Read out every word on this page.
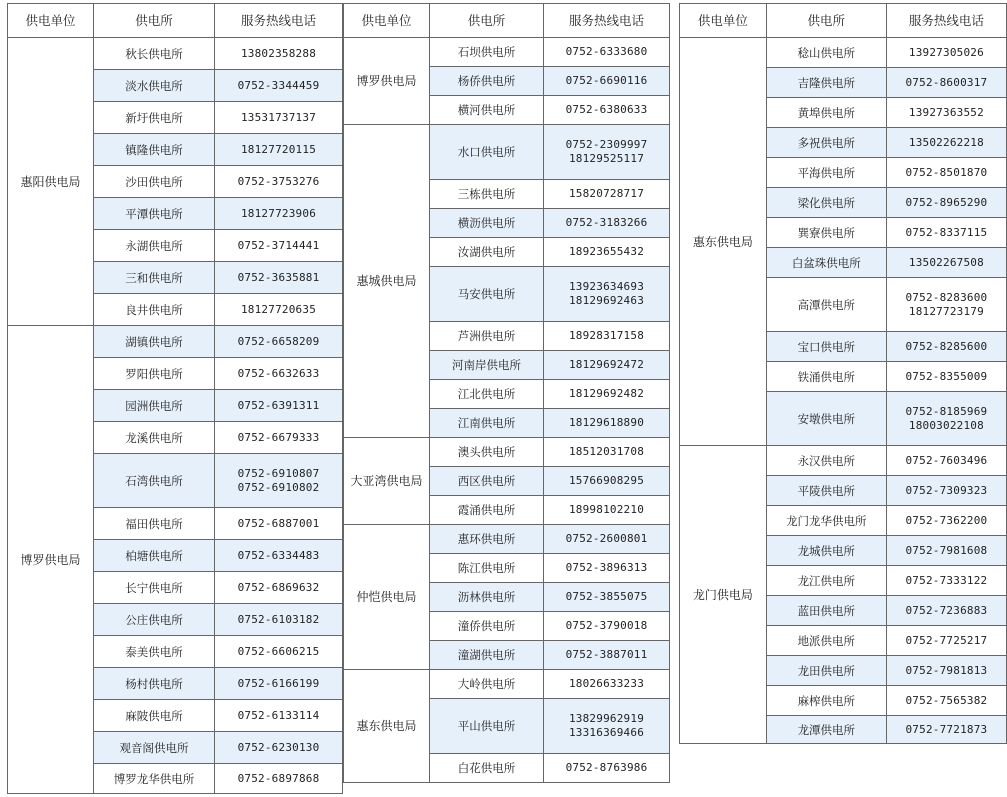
供电单位	供电所	服务热线电话
惠阳供电局	秋长供电所	13802358288

	淡水供电所	0752-3344459

	新圩供电所	13531737137

	镇隆供电所	18127720115

	沙田供电所	0752-3753276

	平潭供电所	18127723906

	永湖供电所	0752-3714441

	三和供电所	0752-3635881

	良井供电所	18127720635

博罗供电局	湖镇供电所	0752-6658209

	罗阳供电所	0752-6632633

	园洲供电所	0752-6391311

	龙溪供电所	0752-6679333

	石湾供电所	0752-6910807
0752-6910802

	福田供电所	0752-6887001

	柏塘供电所	0752-6334483

	长宁供电所	0752-6869632

	公庄供电所	0752-6103182

	泰美供电所	0752-6606215

	杨村供电所	0752-6166199

	麻陂供电所	0752-6133114

	观音阁供电所	0752-6230130

	博罗龙华供电所	0752-6897868
供电单位	供电所	服务热线电话
博罗供电局	石坝供电所	0752-6333680

	杨侨供电所	0752-6690116

	横河供电所	0752-6380633

惠城供电局	水口供电所	0752-2309997
18129525117

	三栋供电所	15820728717

	横沥供电所	0752-3183266

	汝湖供电所	18923655432

	马安供电所	13923634693
18129692463

	芦洲供电所	18928317158

	河南岸供电所	18129692472

	江北供电所	18129692482

	江南供电所	18129618890

大亚湾供电局	澳头供电所	18512031708

	西区供电所	15766908295

	霞涌供电所	18998102210

仲恺供电局	惠环供电所	0752-2600801

	陈江供电所	0752-3896313

	沥林供电所	0752-3855075

	潼侨供电所	0752-3790018

	潼湖供电所	0752-3887011

惠东供电局	大岭供电所	18026633233

	平山供电所	13829962919
13316369466

	白花供电所	0752-8763986
供电单位	供电所	服务热线电话
惠东供电局	稔山供电所	13927305026

	吉隆供电所	0752-8600317

	黄埠供电所	13927363552

	多祝供电所	13502262218

	平海供电所	0752-8501870

	梁化供电所	0752-8965290

	巽寮供电所	0752-8337115

	白盆珠供电所	13502267508

	高潭供电所	0752-8283600
18127723179

	宝口供电所	0752-8285600

	铁涌供电所	0752-8355009

	安墩供电所	0752-8185969
18003022108

龙门供电局	永汉供电所	0752-7603496

	平陵供电所	0752-7309323

	龙门龙华供电所	0752-7362200

	龙城供电所	0752-7981608

	龙江供电所	0752-7333122

	蓝田供电所	0752-7236883

	地派供电所	0752-7725217

	龙田供电所	0752-7981813

	麻榨供电所	0752-7565382

	龙潭供电所	0752-7721873
